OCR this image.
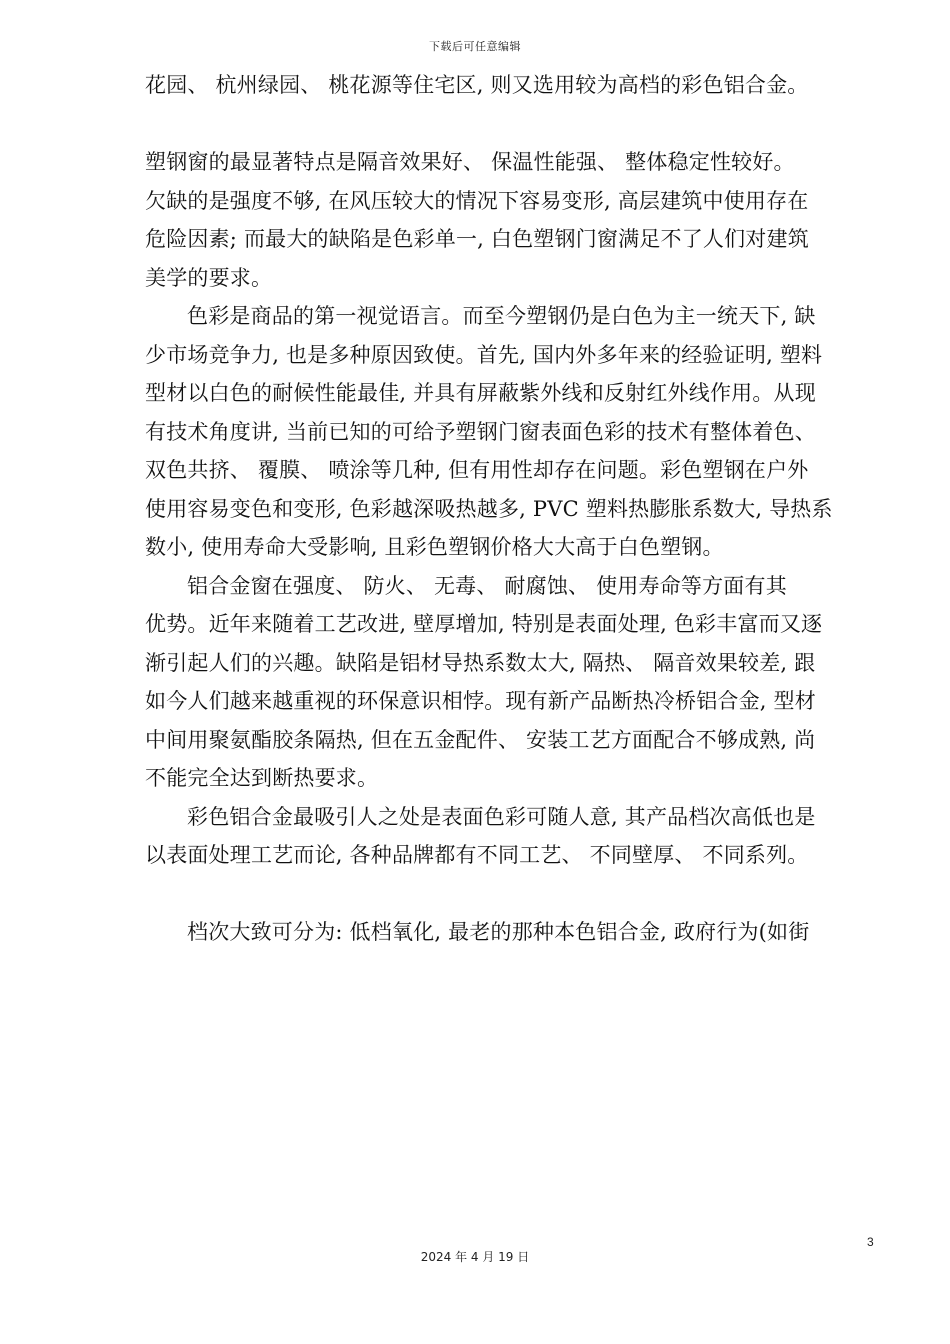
下载后可任意编辑
花园、 杭州绿园、 桃花源等住宅区, 则又选用较为高档的彩色铝合金。
塑钢窗的最显著特点是隔音效果好、 保温性能强、 整体稳定性较好。
欠缺的是强度不够, 在风压较大的情况下容易变形, 高层建筑中使用存在
危险因素; 而最大的缺陷是色彩单一, 白色塑钢门窗满足不了人们对建筑
美学的要求。
色彩是商品的第一视觉语言。而至今塑钢仍是白色为主一统天下, 缺
少市场竞争力, 也是多种原因致使。首先, 国内外多年来的经验证明, 塑料
型材以白色的耐候性能最佳, 并具有屏蔽紫外线和反射红外线作用。从现
有技术角度讲, 当前已知的可给予塑钢门窗表面色彩的技术有整体着色、
双色共挤、 覆膜、 喷涂等几种, 但有用性却存在问题。彩色塑钢在户外
使用容易变色和变形, 色彩越深吸热越多, PVC 塑料热膨胀系数大, 导热系
数小, 使用寿命大受影响, 且彩色塑钢价格大大高于白色塑钢。
铝合金窗在强度、 防火、 无毒、 耐腐蚀、 使用寿命等方面有其
优势。近年来随着工艺改进, 壁厚增加, 特别是表面处理, 色彩丰富而又逐
渐引起人们的兴趣。缺陷是铝材导热系数太大, 隔热、 隔音效果较差, 跟
如今人们越来越重视的环保意识相悖。现有新产品断热冷桥铝合金, 型材
中间用聚氨酯胶条隔热, 但在五金配件、 安装工艺方面配合不够成熟, 尚
不能完全达到断热要求。
彩色铝合金最吸引人之处是表面色彩可随人意, 其产品档次高低也是
以表面处理工艺而论, 各种品牌都有不同工艺、 不同壁厚、 不同系列。
档次大致可分为: 低档氧化, 最老的那种本色铝合金, 政府行为(如街
3
2024 年 4 月 19 日
